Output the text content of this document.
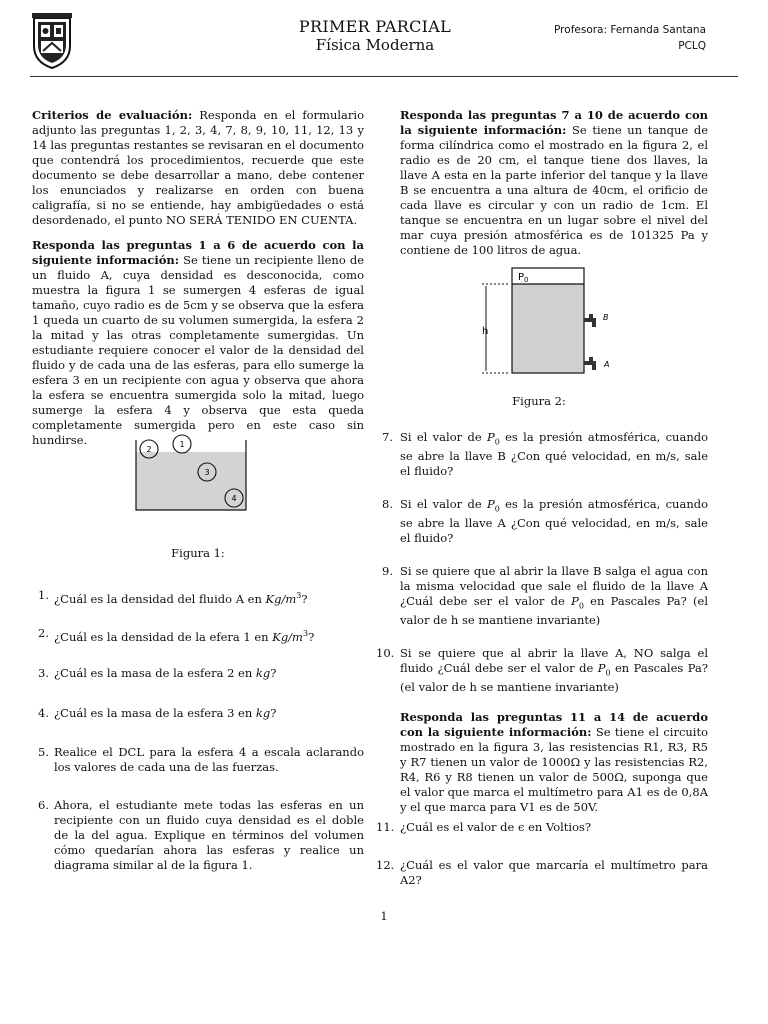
PRIMER PARCIAL
Física Moderna
Profesora: Fernanda Santana
PCLQ

Criterios de evaluación: Responda en el formulario adjunto las preguntas 1, 2, 3, 4, 7, 8, 9, 10, 11, 12, 13 y 14 las preguntas restantes se revisaran en el documento que contendrá los procedimientos, recuerde que este documento se debe desarrollar a mano, debe contener los enunciados y realizarse en orden con buena caligrafía, si no se entiende, hay ambigüedades o está desordenado, el punto NO SERÁ TENIDO EN CUENTA.

Responda las preguntas 1 a 6 de acuerdo con la siguiente información: Se tiene un recipiente lleno de un fluido A, cuya densidad es desconocida, como muestra la figura 1 se sumergen 4 esferas de igual tamaño, cuyo radio es de 5cm y se observa que la esfera 1 queda un cuarto de su volumen sumergida, la esfera 2 la mitad y las otras completamente sumergidas. Un estudiante requiere conocer el valor de la densidad del fluido y de cada una de las esferas, para ello sumerge la esfera 3 en un recipiente con agua y observa que ahora la esfera se encuentra sumergida solo la mitad, luego sumerge la esfera 4 y observa que esta queda completamente sumergida pero en este caso sin hundirse.

2
1
3
4
Figura 1:
1. ¿Cuál es la densidad del fluido A en $Kg/m^3$?
2. ¿Cuál es la densidad de la efera 1 en $Kg/m^3$?
3. ¿Cuál es la masa de la esfera 2 en kg?
4. ¿Cuál es la masa de la esfera 3 en kg?
5. Realice el DCL para la esfera 4 a escala aclarando los valores de cada una de las fuerzas.
6. Ahora, el estudiante mete todas las esferas en un recipiente con un fluido cuya densidad es el doble de la del agua. Explique en términos del volumen cómo quedarían ahora las esferas y realice un diagrama similar al de la figura 1.

Responda las preguntas 7 a 10 de acuerdo con la siguiente información: Se tiene un tanque de forma cilíndrica como el mostrado en la figura 2, el radio es de 20 cm, el tanque tiene dos llaves, la llave A esta en la parte inferior del tanque y la llave B se encuentra a una altura de 40cm, el orificio de cada llave es circular y con un radio de 1cm. El tanque se encuentra en un lugar sobre el nivel del mar cuya presión atmosférica es de 101325 Pa y contiene de 100 litros de agua.

$P_0$
h
B
A
Figura 2:
7. Si el valor de $P_0$ es la presión atmosférica, cuando se abre la llave B ¿Con qué velocidad, en m/s, sale el fluido?
8. Si el valor de $P_0$ es la presión atmosférica, cuando se abre la llave A ¿Con qué velocidad, en m/s, sale el fluido?
9. Si se quiere que al abrir la llave B salga el agua con la misma velocidad que sale el fluido de la llave A ¿Cuál debe ser el valor de $P_0$ en Pascales Pa? (el valor de h se mantiene invariante)
10. Si se quiere que al abrir la llave A, NO salga el fluido ¿Cuál debe ser el valor de $P_0$ en Pascales Pa? (el valor de h se mantiene invariante)

Responda las preguntas 11 a 14 de acuerdo con la siguiente información: Se tiene el circuito mostrado en la figura 3, las resistencias R1, R3, R5 y R7 tienen un valor de 1000Ω y las resistencias R2, R4, R6 y R8 tienen un valor de 500Ω, suponga que el valor que marca el multímetro para A1 es de 0,8A y el que marca para V1 es de 50V.

11. ¿Cuál es el valor de ϵ en Voltios?
12. ¿Cuál es el valor que marcaría el multímetro para A2?
1
